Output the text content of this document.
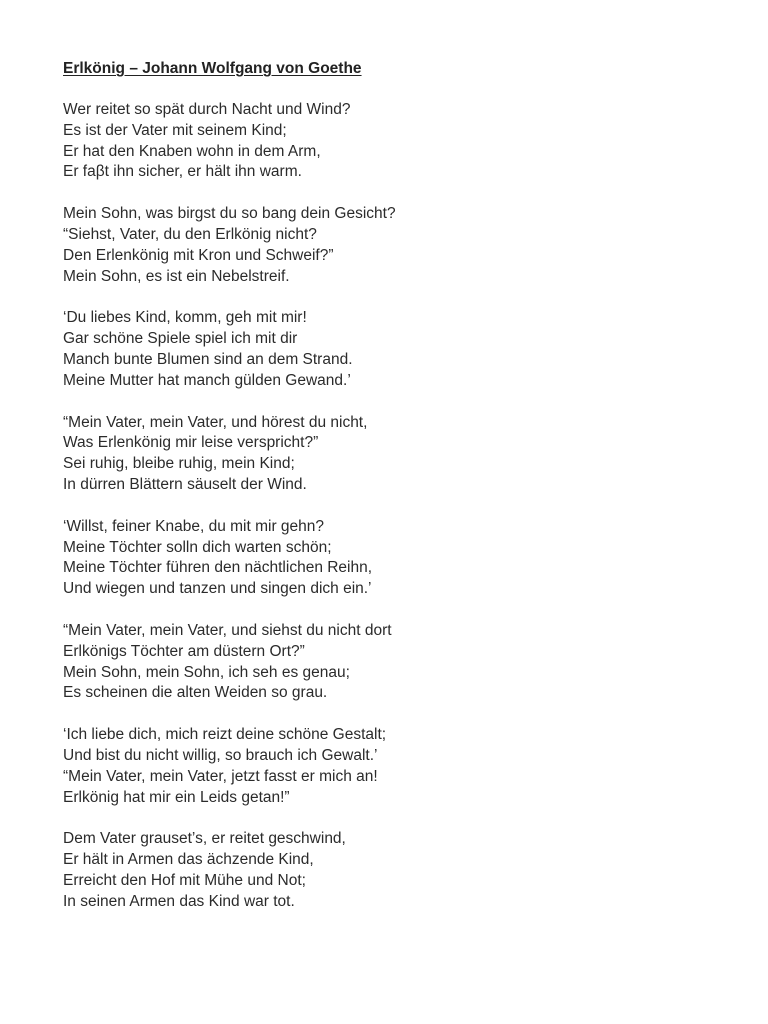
Erlkönig – Johann Wolfgang von Goethe
Wer reitet so spät durch Nacht und Wind?
Es ist der Vater mit seinem Kind;
Er hat den Knaben wohn in dem Arm,
Er faβt ihn sicher, er hält ihn warm.
Mein Sohn, was birgst du so bang dein Gesicht?
“Siehst, Vater, du den Erlkönig nicht?
Den Erlenkönig mit Kron und Schweif?”
Mein Sohn, es ist ein Nebelstreif.
‘Du liebes Kind, komm, geh mit mir!
Gar schöne Spiele spiel ich mit dir
Manch bunte Blumen sind an dem Strand.
Meine Mutter hat manch gülden Gewand.’
“Mein Vater, mein Vater, und hörest du nicht,
Was Erlenkönig mir leise verspricht?”
Sei ruhig, bleibe ruhig, mein Kind;
In dürren Blättern säuselt der Wind.
‘Willst, feiner Knabe, du mit mir gehn?
Meine Töchter solln dich warten schön;
Meine Töchter führen den nächtlichen Reihn,
Und wiegen und tanzen und singen dich ein.’
“Mein Vater, mein Vater, und siehst du nicht dort
Erlkönigs Töchter am düstern Ort?”
Mein Sohn, mein Sohn, ich seh es genau;
Es scheinen die alten Weiden so grau.
‘Ich liebe dich, mich reizt deine schöne Gestalt;
Und bist du nicht willig, so brauch ich Gewalt.’
“Mein Vater, mein Vater, jetzt fasst er mich an!
Erlkönig hat mir ein Leids getan!”
Dem Vater grauset’s, er reitet geschwind,
Er hält in Armen das ächzende Kind,
Erreicht den Hof mit Mühe und Not;
In seinen Armen das Kind war tot.
